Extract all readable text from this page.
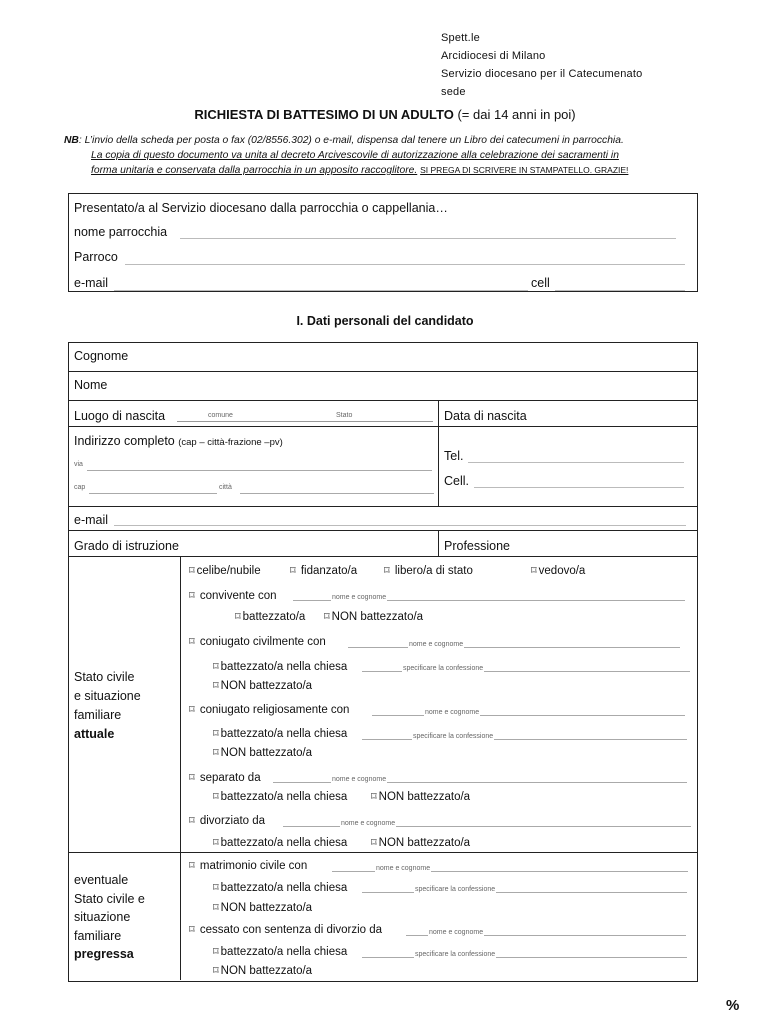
Spett.le
Arcidiocesi di Milano
Servizio diocesano per il Catecumenato
sede
RICHIESTA DI BATTESIMO DI UN ADULTO (= dai 14 anni in poi)
NB: L’invio della scheda per posta o fax (02/8556.302) o e-mail, dispensa dal tenere un Libro dei catecumeni in parrocchia.
La copia di questo documento va unita al decreto Arcivescovile di autorizzazione alla celebrazione dei sacramenti in
forma unitaria e conservata dalla parrocchia in un apposito raccoglitore. SI PREGA DI SCRIVERE IN STAMPATELLO. GRAZIE!
Presentato/a al Servizio diocesano dalla parrocchia o cappellania…
nome parrocchia
Parroco
e-mail	cell
I. Dati personali del candidato
Cognome
Nome
Luogo di nascita	comune	Stato	Data di nascita
Indirizzo completo (cap – città-frazione –pv)
via
cap	città
Tel.
Cell.
e-mail
Grado di istruzione	Professione
Stato civile
e situazione
familiare
attuale
⌑ celibe/nubile	⌑ fidanzato/a ⌑ libero/a di stato	⌑ vedovo/a
⌑ convivente con	nome e cognome
⌑ battezzato/a ⌑ NON battezzato/a
⌑ coniugato civilmente con	nome e cognome
⌑ battezzato/a nella chiesa	specificare la confessione
⌑ NON battezzato/a
⌑ coniugato religiosamente con	nome e cognome
⌑ battezzato/a nella chiesa	specificare la confessione
⌑ NON battezzato/a
⌑ separato da	nome e cognome
⌑ battezzato/a nella chiesa ⌑ NON battezzato/a
⌑ divorziato da	nome e cognome
⌑ battezzato/a nella chiesa ⌑ NON battezzato/a
eventuale
Stato civile e
situazione
familiare
pregressa
⌑ matrimonio civile con	nome e cognome
⌑ battezzato/a nella chiesa	specificare la confessione
⌑ NON battezzato/a
⌑ cessato con sentenza di divorzio da	nome e cognome
⌑ battezzato/a nella chiesa	specificare la confessione
⌑ NON battezzato/a
%
